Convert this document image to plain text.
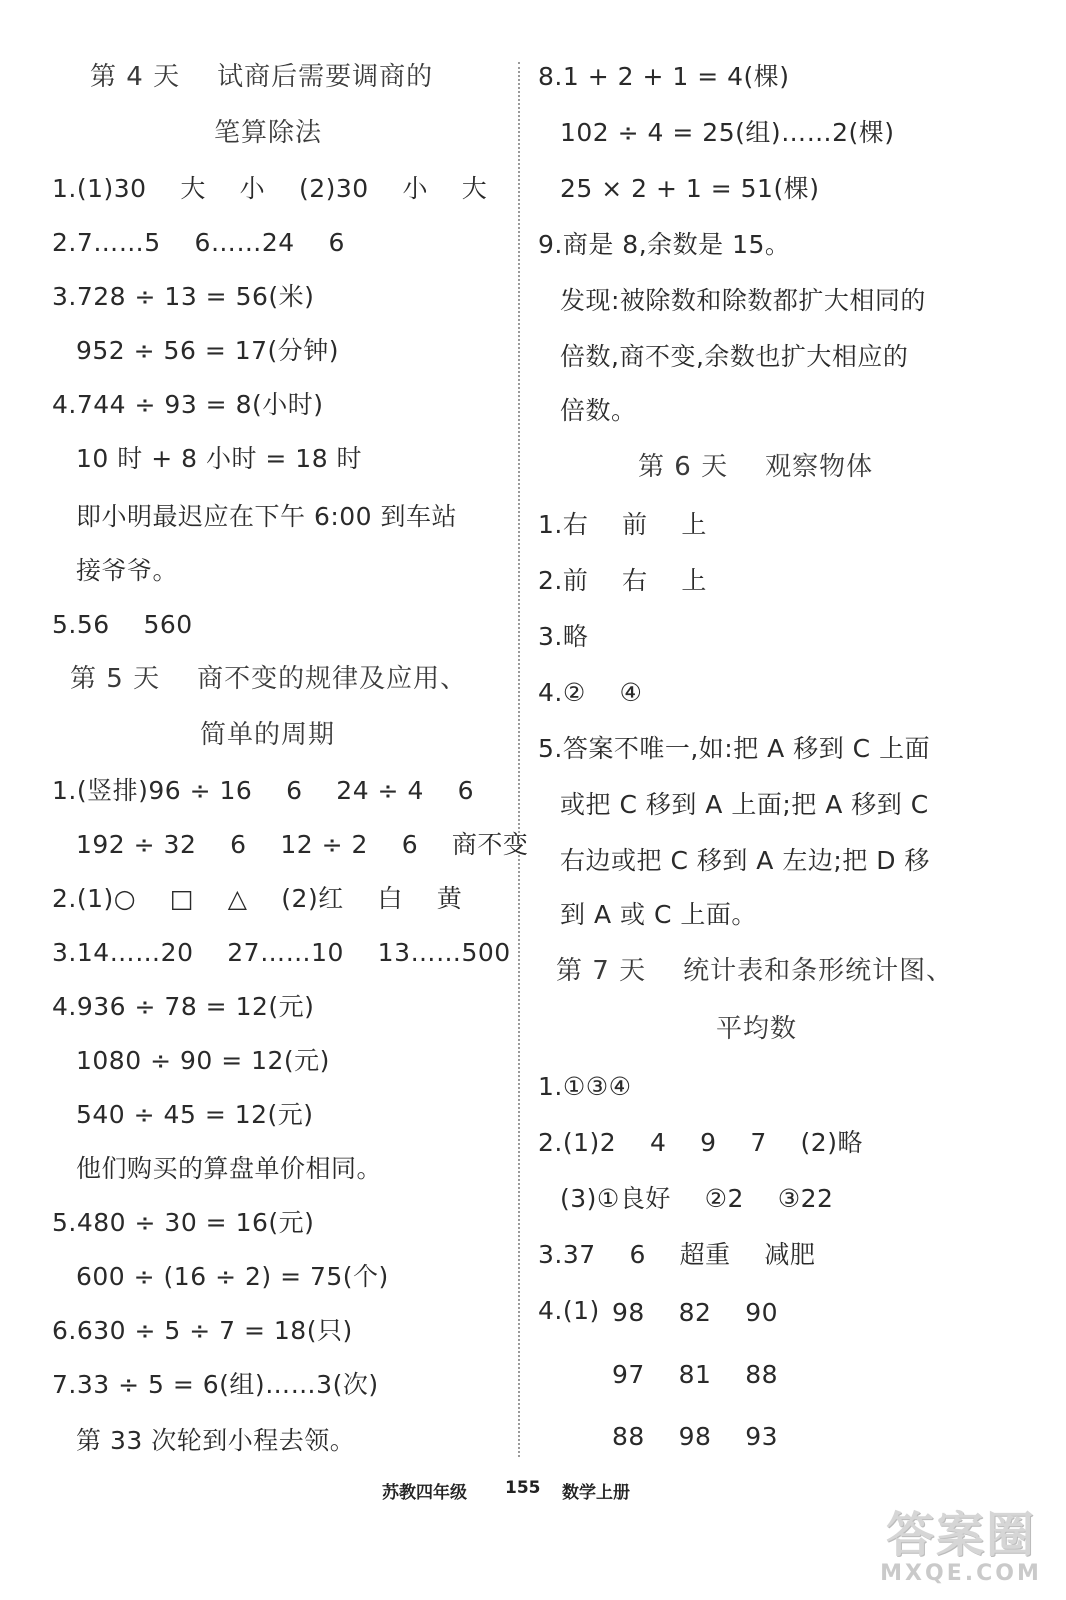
第 4 天    试商后需要调商的
笔算除法
1.(1)30    大    小    (2)30    小    大
2.7……5    6……24    6
3.728 ÷ 13 = 56(米)
952 ÷ 56 = 17(分钟)
4.744 ÷ 93 = 8(小时)
10 时 + 8 小时 = 18 时
即小明最迟应在下午 6:00 到车站
接爷爷。
5.56    560
第 5 天    商不变的规律及应用、
简单的周期
1.(竖排)96 ÷ 16    6    24 ÷ 4    6
192 ÷ 32    6    12 ÷ 2    6    商不变
2.(1)○    □    △    (2)红    白    黄
3.14……20    27……10    13……500
4.936 ÷ 78 = 12(元)
1080 ÷ 90 = 12(元)
540 ÷ 45 = 12(元)
他们购买的算盘单价相同。
5.480 ÷ 30 = 16(元)
600 ÷ (16 ÷ 2) = 75(个)
6.630 ÷ 5 ÷ 7 = 18(只)
7.33 ÷ 5 = 6(组)……3(次)
第 33 次轮到小程去领。
8.1 + 2 + 1 = 4(棵)
102 ÷ 4 = 25(组)……2(棵)
25 × 2 + 1 = 51(棵)
9.商是 8,余数是 15。
发现:被除数和除数都扩大相同的
倍数,商不变,余数也扩大相应的
倍数。
第 6 天    观察物体
1.右    前    上
2.前    右    上
3.略
4.②    ④
5.答案不唯一,如:把 A 移到 C 上面
或把 C 移到 A 上面;把 A 移到 C
右边或把 C 移到 A 左边;把 D 移
到 A 或 C 上面。
第 7 天    统计表和条形统计图、
平均数
1.①③④
2.(1)2    4    9    7    (2)略
(3)①良好    ②2    ③22
3.37    6    超重    减肥
4.(1) 98    82    90
97    81    88
88    98    93
苏教四年级 155 数学上册
答案圈
MXQE.COM
